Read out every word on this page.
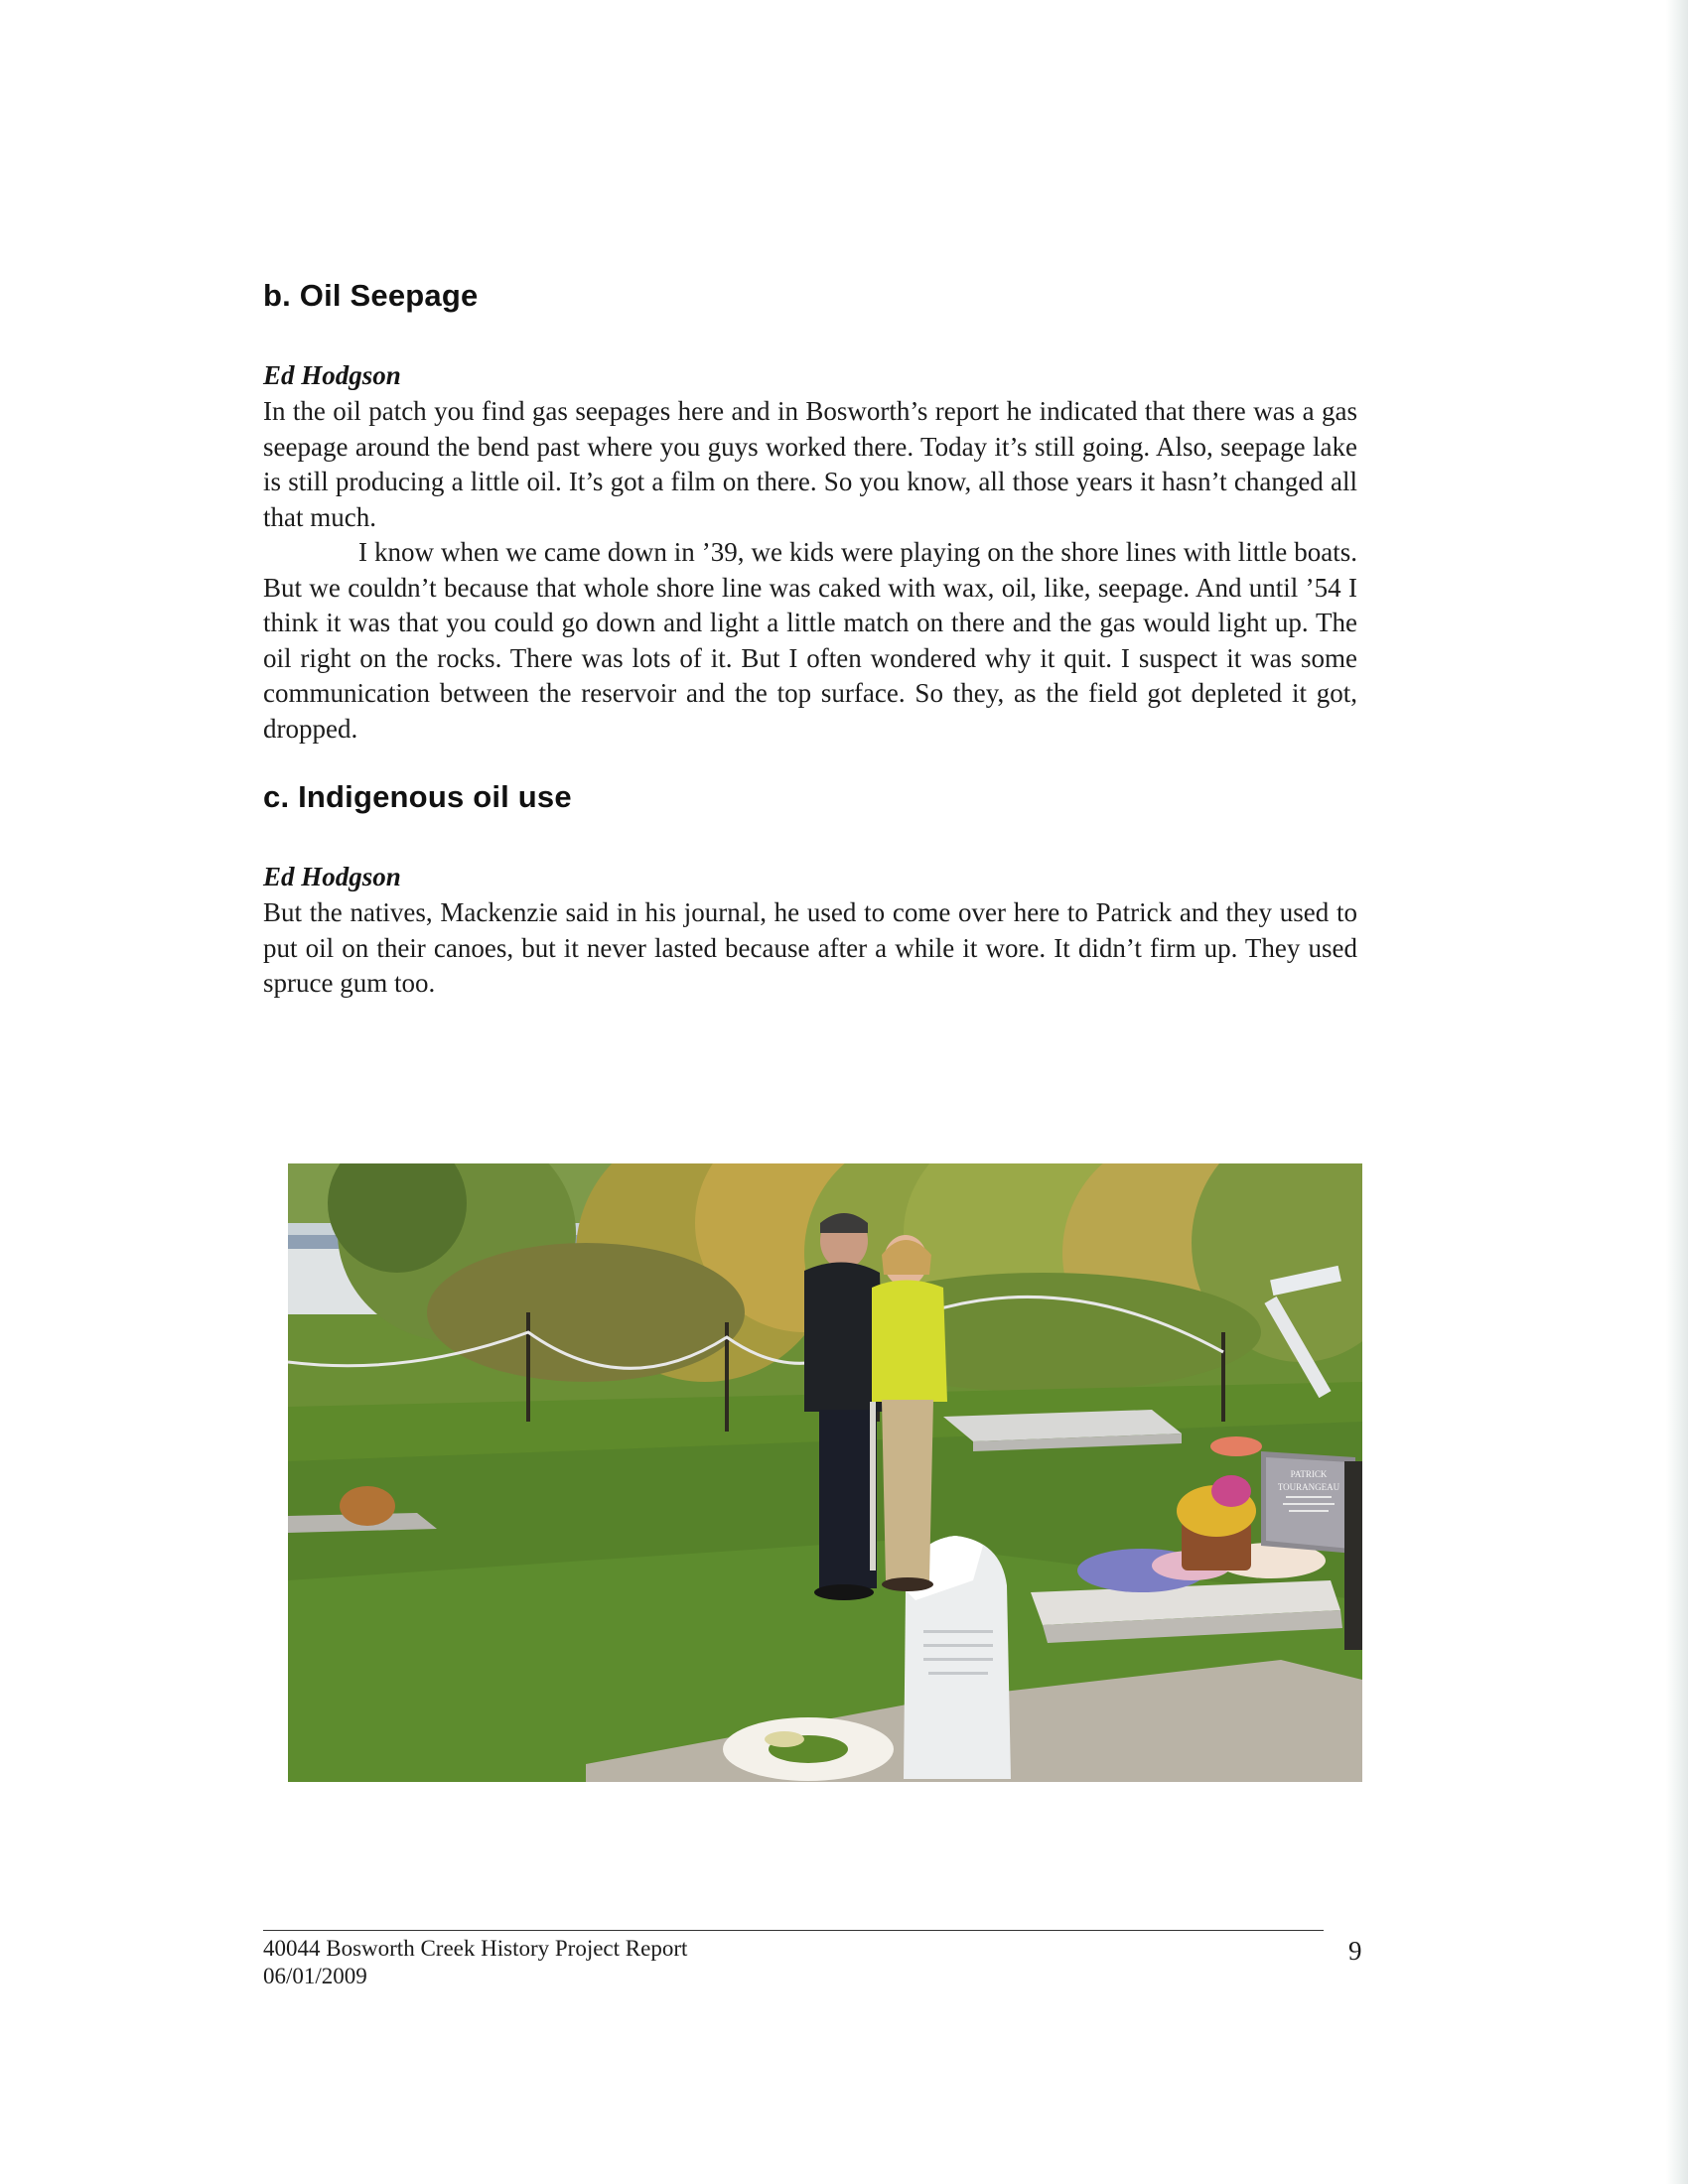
b. Oil Seepage
Ed Hodgson

In the oil patch you find gas seepages here and in Bosworth’s report he indicated that there was a gas seepage around the bend past where you guys worked there. Today it’s still going. Also, seepage lake is still producing a little oil. It’s got a film on there. So you know, all those years it hasn’t changed all that much.

I know when we came down in ’39, we kids were playing on the shore lines with little boats. But we couldn’t because that whole shore line was caked with wax, oil, like, seepage. And until ’54 I think it was that you could go down and light a little match on there and the gas would light up. The oil right on the rocks. There was lots of it. But I often wondered why it quit. I suspect it was some communication between the reservoir and the top surface. So they, as the field got depleted it got, dropped.

c. Indigenous oil use
Ed Hodgson

But the natives, Mackenzie said in his journal, he used to come over here to Patrick and they used to put oil on their canoes, but it never lasted because after a while it wore. It didn’t firm up. They used spruce gum too.

PATRICK
TOURANGEAU
40044 Bosworth Creek History Project Report
06/01/2009
9
